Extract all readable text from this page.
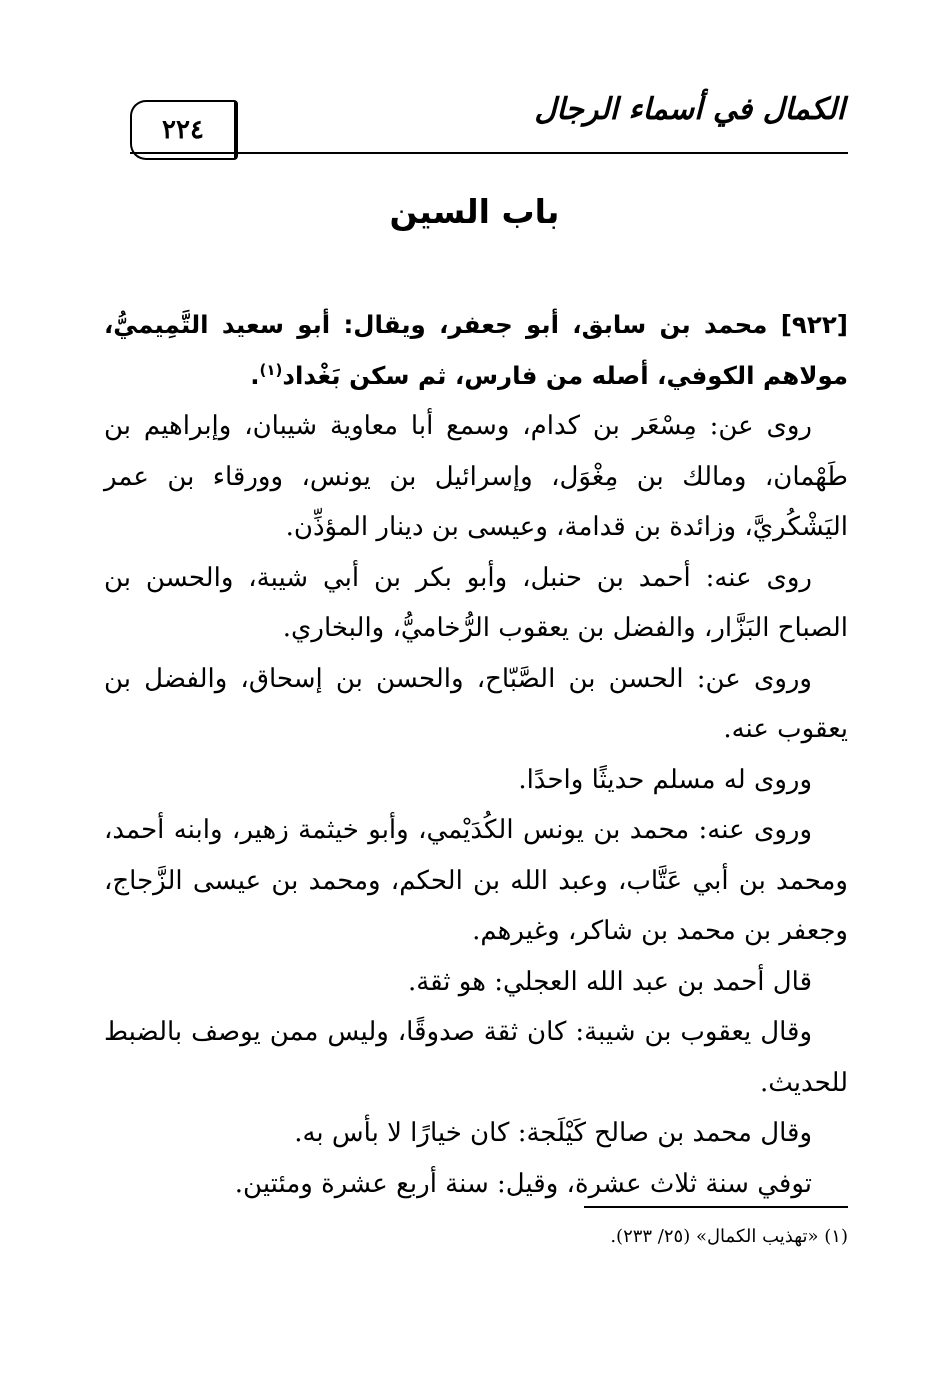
٢٢٤
الكمال في أسماء الرجال
باب السين

[٩٢٢] محمد بن سابق، أبو جعفر، ويقال: أبو سعيد التَّمِيميُّ، مولاهم الكوفي، أصله من فارس، ثم سكن بَغْداد$^{(١)}$.

روى عن: مِسْعَر بن كدام، وسمع أبا معاوية شيبان، وإبراهيم بن طَهْمان، ومالك بن مِغْوَل، وإسرائيل بن يونس، وورقاء بن عمر اليَشْكُريَّ، وزائدة بن قدامة، وعيسى بن دينار المؤذِّن.

روى عنه: أحمد بن حنبل، وأبو بكر بن أبي شيبة، والحسن بن الصباح البَزَّار، والفضل بن يعقوب الرُّخاميُّ، والبخاري.

وروى عن: الحسن بن الصَّبّاح، والحسن بن إسحاق، والفضل بن يعقوب عنه.

وروى له مسلم حديثًا واحدًا.

وروى عنه: محمد بن يونس الكُدَيْمي، وأبو خيثمة زهير، وابنه أحمد، ومحمد بن أبي عَتَّاب، وعبد الله بن الحكم، ومحمد بن عيسى الزَّجاج، وجعفر بن محمد بن شاكر، وغيرهم.

قال أحمد بن عبد الله العجلي: هو ثقة.

وقال يعقوب بن شيبة: كان ثقة صدوقًا، وليس ممن يوصف بالضبط للحديث.

وقال محمد بن صالح كَيْلَجة: كان خيارًا لا بأس به.

توفي سنة ثلاث عشرة، وقيل: سنة أربع عشرة ومئتين.

(١) «تهذيب الكمال» (٢٥/ ٢٣٣).
